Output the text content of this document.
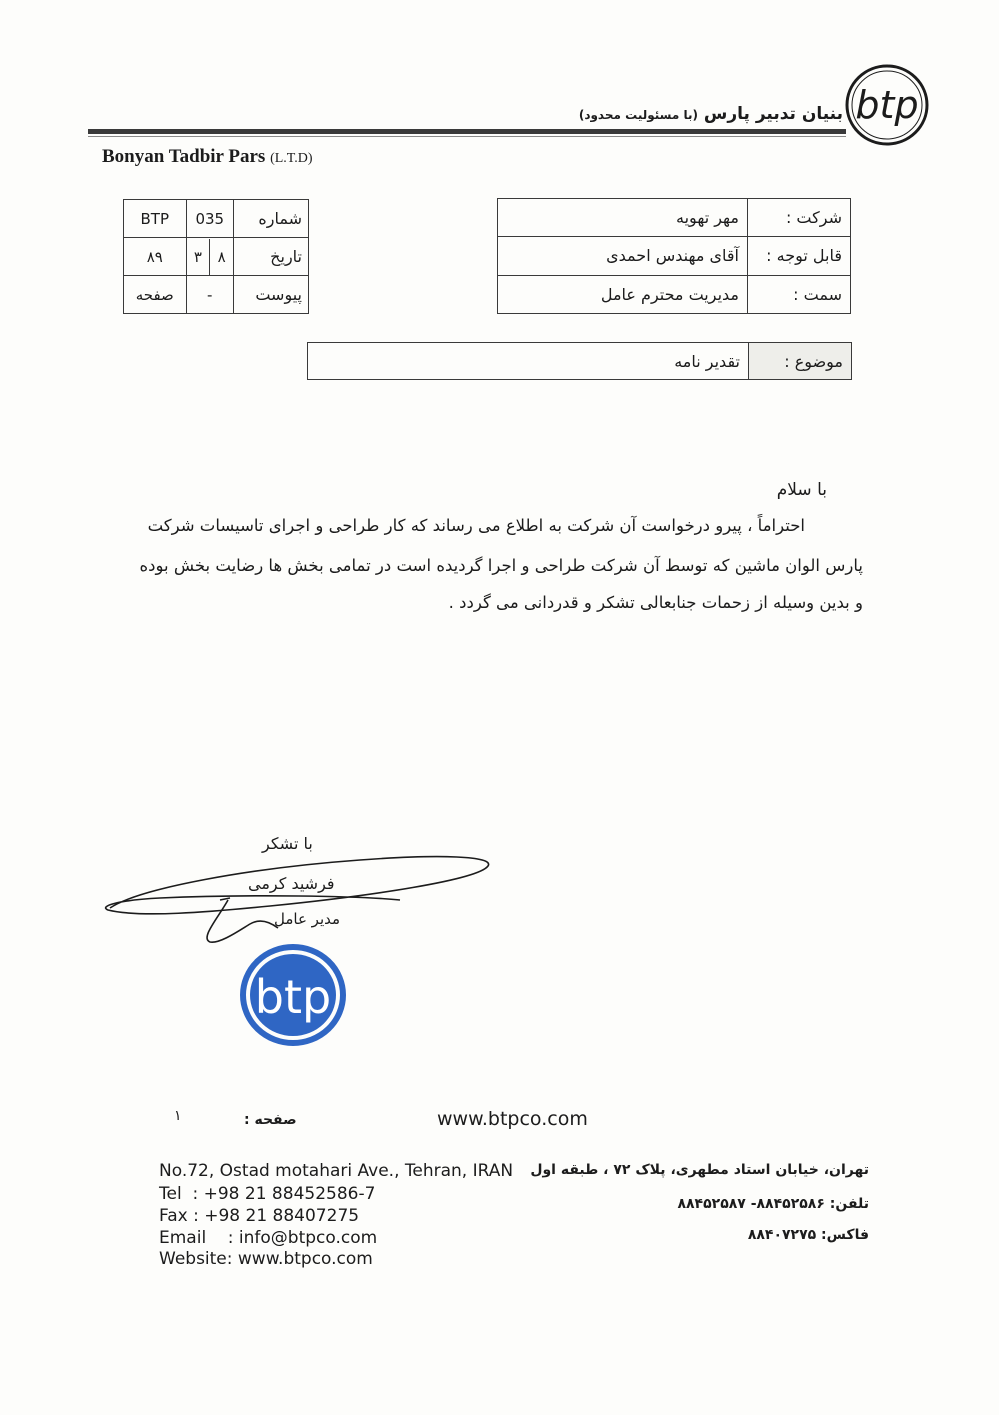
btp
بنیان تدبیر پارس (با مسئولیت محدود)
Bonyan Tadbir Pars (L.T.D)
BTP	035	شماره
۸۹	۳ ۸	تاریخ
صفحه	-	پیوست
مهر تهویه	شرکت :
آقای مهندس احمدی	قابل توجه :
مدیریت محترم عامل	سمت :
تقدیر نامه	موضوع :
با سلام
احتراماً ، پیرو درخواست آن شرکت به اطلاع می رساند که کار طراحی و اجرای تاسیسات شرکت
پارس الوان ماشین که توسط آن شرکت طراحی و اجرا گردیده است در تمامی بخش ها رضایت بخش بوده
و بدین وسیله از زحمات جنابعالی تشکر و قدردانی می گردد .
با تشکر
فرشید کرمی
مدیر عامل
btp
صفحه :
۱	www.btpco.com
No.72, Ostad motahari Ave., Tehran, IRAN
Tel  : +98 21 88452586-7
Fax : +98 21 88407275
Email    : info@btpco.com
Website: www.btpco.com
تهران، خیابان استاد مطهری، پلاک ۷۲ ، طبقه اول
تلفن: ۸۸۴۵۲۵۸۶- ۸۸۴۵۲۵۸۷
فاکس: ۸۸۴۰۷۲۷۵
